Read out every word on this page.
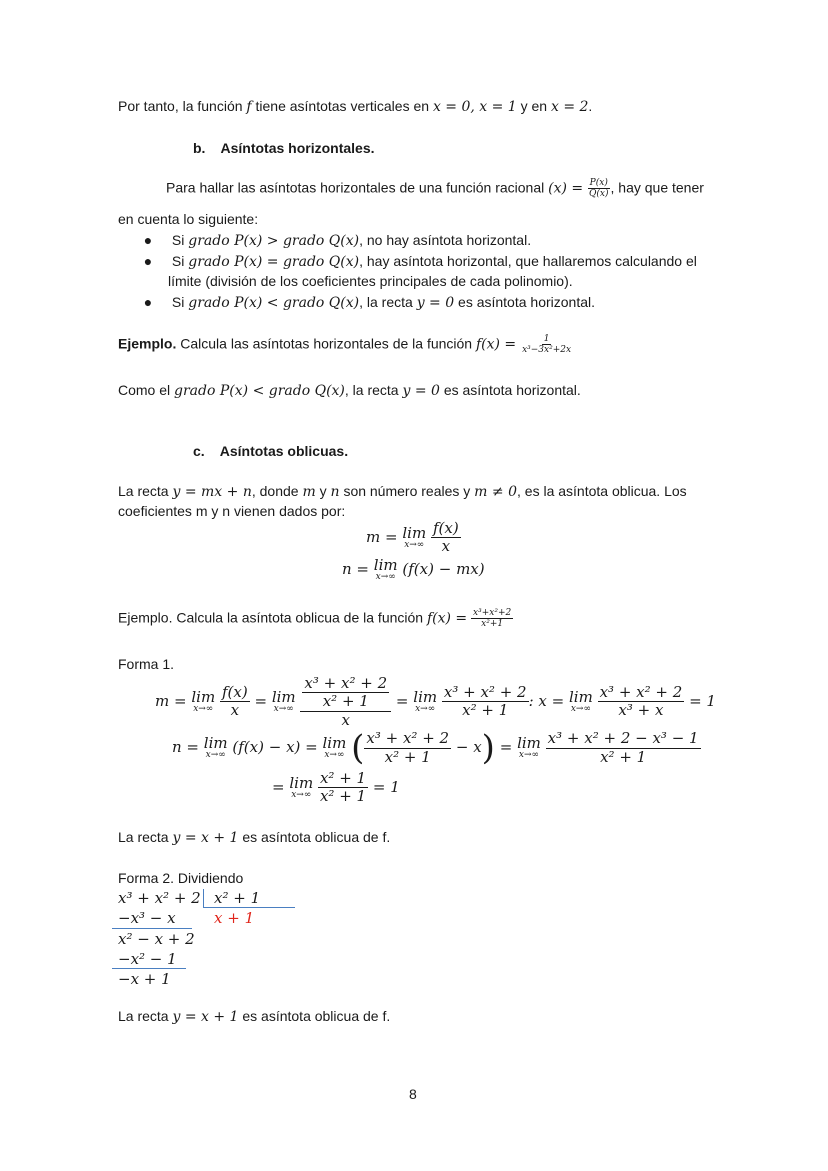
Por tanto, la función f tiene asíntotas verticales en x = 0, x = 1 y en x = 2.
b. Asíntotas horizontales.
Para hallar las asíntotas horizontales de una función racional $(x) = \frac{P(x)}{Q(x)}$ , hay que tener
en cuenta lo siguiente:
● Si grado P(x) > grado Q(x), no hay asíntota horizontal.
● Si grado P(x) = grado Q(x), hay asíntota horizontal, que hallaremos calculando el
límite (división de los coeficientes principales de cada polinomio).
● Si grado P(x) < grado Q(x), la recta y = 0 es asíntota horizontal.
Ejemplo. Calcula las asíntotas horizontales de la función $f(x) = \frac{1}{\text{x³−3x²+2x}}$
Como el grado P(x) < grado Q(x), la recta y = 0 es asíntota horizontal.
c. Asíntotas oblicuas.
La recta y = mx + n, donde m y n son número reales y m ≠ 0, es la asíntota oblicua. Los
coeficientes m y n vienen dados por:
m = lim
x→∞
$\frac{f(x)}{x}$
n = lim
x→∞ (f(x) − mx)
Ejemplo. Calcula la asíntota oblicua de la función $f(x) = \frac{\text{x³+x²+2}}{\text{x²+1}}$
Forma 1.
m = lim
x→∞
$\frac{f(x)}{x} = \lim$
x→∞
$\frac{\frac{\text{x³ + x² + 2}}{\text{x² + 1}}}{x} = \lim$
x→∞
$\frac{\text{x³ + x² + 2}}{\text{x² + 1}}$ : x = lim
x→∞
$\frac{\text{x³ + x² + 2}}{\text{x³ + x}} = 1$
n = lim
x→∞ (f(x) − x) = lim
x→∞ ( $\frac{\text{x³ + x² + 2}}{\text{x² + 1}} - x) = \lim$
x→∞
$\frac{\text{x³ + x² + 2 − x³ − 1}}{\text{x² + 1}}$
= lim
x→∞
$\frac{\text{x² + 1}}{\text{x² + 1}} = 1$
La recta y = x + 1 es asíntota oblicua de f.
Forma 2. Dividiendo
x³ + x² + 2 x² + 1
−x³ − x	x + 1
x² − x + 2
−x² − 1
−x + 1
La recta y = x + 1 es asíntota oblicua de f.
8
